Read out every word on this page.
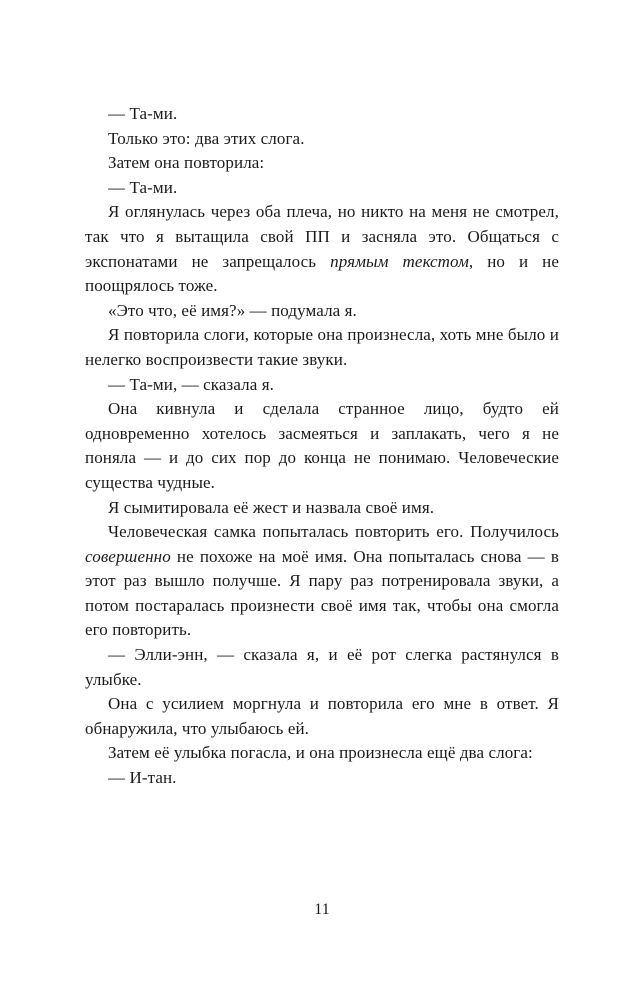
— Та-ми.

Только это: два этих слога.

Затем она повторила:

— Та-ми.

Я оглянулась через оба плеча, но никто на меня не смотрел, так что я вытащила свой ПП и засняла это. Общаться с экспонатами не запрещалось прямым текстом, но и не поощрялось тоже.

«Это что, её имя?» — подумала я.

Я повторила слоги, которые она произнесла, хоть мне было и нелегко воспроизвести такие звуки.

— Та-ми, — сказала я.

Она кивнула и сделала странное лицо, будто ей одновременно хотелось засмеяться и заплакать, чего я не поняла — и до сих пор до конца не понимаю. Человеческие существа чудные.

Я сымитировала её жест и назвала своё имя.

Человеческая самка попыталась повторить его. Получилось совершенно не похоже на моё имя. Она попыталась снова — в этот раз вышло получше. Я пару раз потренировала звуки, а потом постаралась произнести своё имя так, чтобы она смогла его повторить.

— Элли-энн, — сказала я, и её рот слегка растянулся в улыбке.

Она с усилием моргнула и повторила его мне в ответ. Я обнаружила, что улыбаюсь ей.

Затем её улыбка погасла, и она произнесла ещё два слога:

— И-тан.

11
